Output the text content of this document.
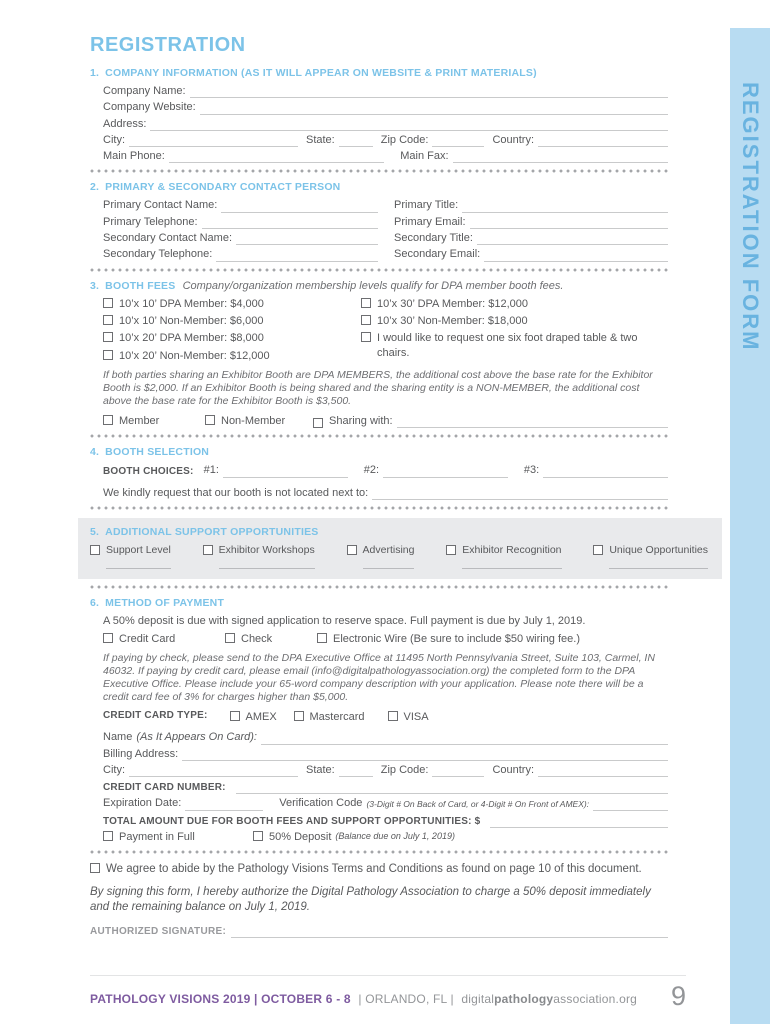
REGISTRATION FORM
REGISTRATION
1. COMPANY INFORMATION (AS IT WILL APPEAR ON WEBSITE & PRINT MATERIALS)
Company Name:
Company Website:
Address:
City:	State:	Zip Code:	Country:
Main Phone:	Main Fax:
2. PRIMARY & SECONDARY CONTACT PERSON
Primary Contact Name:	Primary Title:
Primary Telephone:	Primary Email:
Secondary Contact Name:	Secondary Title:
Secondary Telephone:	Secondary Email:
3. BOOTH FEES Company/organization membership levels qualify for DPA member booth fees.
10’x 10’ DPA Member: $4,000
10’x 10’ Non-Member: $6,000
10’x 20’ DPA Member: $8,000
10’x 20’ Non-Member: $12,000
10’x 30’ DPA Member: $12,000
10’x 30’ Non-Member: $18,000
I would like to request one six foot draped table & two chairs.

If both parties sharing an Exhibitor Booth are DPA MEMBERS, the additional cost above the base rate for the Exhibitor Booth is $2,000. If an Exhibitor Booth is being shared and the sharing entity is a NON-MEMBER, the additional cost above the base rate for the Exhibitor Booth is $3,500.

Member	Non-Member	Sharing with:
4. BOOTH SELECTION
BOOTH CHOICES: #1:	#2:	#3:
We kindly request that our booth is not located next to:
5. ADDITIONAL SUPPORT OPPORTUNITIES
Support Level	Exhibitor Workshops	Advertising	Exhibitor Recognition	Unique Opportunities
6. METHOD OF PAYMENT

A 50% deposit is due with signed application to reserve space. Full payment is due by July 1, 2019.

Credit Card	Check	Electronic Wire (Be sure to include $50 wiring fee.)

If paying by check, please send to the DPA Executive Office at 11495 North Pennsylvania Street, Suite 103, Carmel, IN 46032. If paying by credit card, please email (info@digitalpathologyassociation.org) the completed form to the DPA Executive Office. Please include your 65-word company description with your application. Please note there will be a credit card fee of 3% for charges higher than $5,000.

CREDIT CARD TYPE:	AMEX	Mastercard	VISA
Name (As It Appears On Card):
Billing Address:
City:	State:	Zip Code:	Country:
CREDIT CARD NUMBER:
Expiration Date:	Verification Code (3-Digit # On Back of Card, or 4-Digit # On Front of AMEX):
TOTAL AMOUNT DUE FOR BOOTH FEES AND SUPPORT OPPORTUNITIES: $
Payment in Full	50% Deposit (Balance due on July 1, 2019)
We agree to abide by the Pathology Visions Terms and Conditions as found on page 10 of this document.

By signing this form, I hereby authorize the Digital Pathology Association to charge a 50% deposit immediately and the remaining balance on July 1, 2019.

AUTHORIZED SIGNATURE:
PATHOLOGY VISIONS 2019 | OCTOBER 6 - 8 | ORLANDO, FL | digitalpathologyassociation.org 9
